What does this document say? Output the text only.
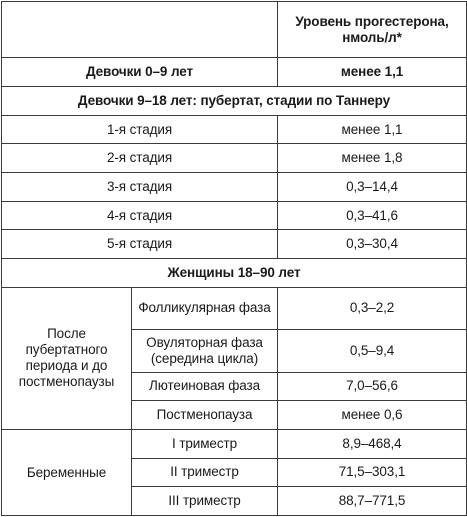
		Уровень прогестерона, нмоль/л*
Девочки 0–9 лет		менее 1,1
Девочки 9–18 лет: пубертат, стадии по Таннеру		
1-я стадия		менее 1,1
2-я стадия		менее 1,8
3-я стадия		0,3–14,4
4-я стадия		0,3–41,6
5-я стадия		0,3–30,4
Женщины 18–90 лет		
После пубертатного периода и до постменопаузы	Фолликулярная фаза	0,3–2,2
	Овуляторная фаза (середина цикла)	0,5–9,4
	Лютеиновая фаза	7,0–56,6
	Постменопауза	менее 0,6
Беременные	I триместр	8,9–468,4
	II триместр	71,5–303,1
	III триместр	88,7–771,5
